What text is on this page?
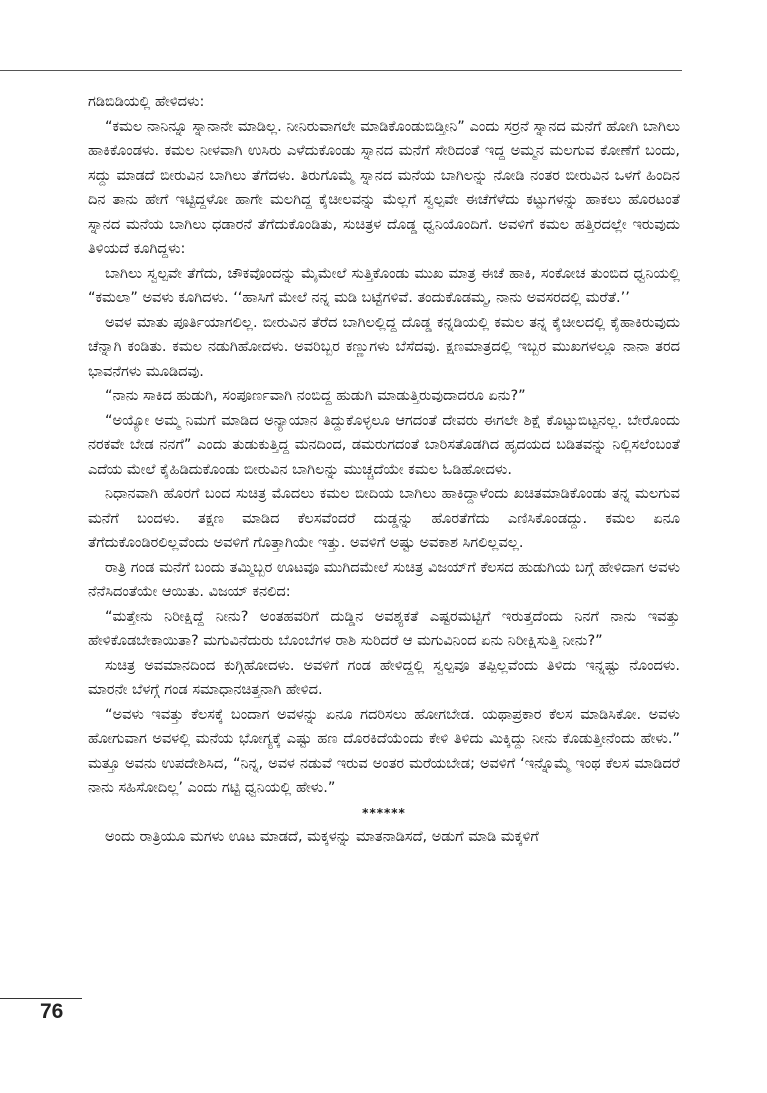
ಗಡಿಬಿಡಿಯಲ್ಲಿ ಹೇಳಿದಳು:

“ಕಮಲ ನಾನಿನ್ನೂ ಸ್ನಾನಾನೇ ಮಾಡಿಲ್ಲ. ನೀನಿರುವಾಗಲೇ ಮಾಡಿಕೊಂಡುಬಿಡ್ತೀನಿ” ಎಂದು ಸರ್ರನೆ ಸ್ನಾನದ ಮನೆಗೆ ಹೋಗಿ ಬಾಗಿಲು ಹಾಕಿಕೊಂಡಳು. ಕಮಲ ನೀಳವಾಗಿ ಉಸಿರು ಎಳೆದುಕೊಂಡು ಸ್ನಾನದ ಮನೆಗೆ ಸೇರಿದಂತೆ ಇದ್ದ ಅಮ್ಮನ ಮಲಗುವ ಕೋಣೆಗೆ ಬಂದು, ಸದ್ದು ಮಾಡದೆ ಬೀರುವಿನ ಬಾಗಿಲು ತೆಗೆದಳು. ತಿರುಗೊಮ್ಮೆ ಸ್ನಾನದ ಮನೆಯ ಬಾಗಿಲನ್ನು ನೋಡಿ ನಂತರ ಬೀರುವಿನ ಒಳಗೆ ಹಿಂದಿನ ದಿನ ತಾನು ಹೇಗೆ ಇಟ್ಟಿದ್ದಳೋ ಹಾಗೇ ಮಲಗಿದ್ದ ಕೈಚೀಲವನ್ನು ಮೆಲ್ಲಗೆ ಸ್ವಲ್ಪವೇ ಈಚೆಗೆಳೆದು ಕಟ್ಟುಗಳನ್ನು ಹಾಕಲು ಹೊರಟಂತೆ ಸ್ನಾನದ ಮನೆಯ ಬಾಗಿಲು ಧಡಾರನೆ ತೆಗೆದುಕೊಂಡಿತು, ಸುಚಿತ್ರಳ ದೊಡ್ಡ ಧ್ವನಿಯೊಂದಿಗೆ. ಅವಳಿಗೆ ಕಮಲ ಹತ್ತಿರದಲ್ಲೇ ಇರುವುದು ತಿಳಿಯದೆ ಕೂಗಿದ್ದಳು:

ಬಾಗಿಲು ಸ್ವಲ್ಪವೇ ತೆಗೆದು, ಚೌಕವೊಂದನ್ನು ಮೈಮೇಲೆ ಸುತ್ತಿಕೊಂಡು ಮುಖ ಮಾತ್ರ ಈಚೆ ಹಾಕಿ, ಸಂಕೋಚ ತುಂಬಿದ ಧ್ವನಿಯಲ್ಲಿ “ಕಮಲಾ” ಅವಳು ಕೂಗಿದಳು. ‘‘ಹಾಸಿಗೆ ಮೇಲೆ ನನ್ನ ಮಡಿ ಬಟ್ಟೆಗಳಿವೆ. ತಂದುಕೊಡಮ್ಮ, ನಾನು ಅವಸರದಲ್ಲಿ ಮರೆತೆ.’’

ಅವಳ ಮಾತು ಪೂರ್ತಿಯಾಗಲಿಲ್ಲ. ಬೀರುವಿನ ತೆರೆದ ಬಾಗಿಲಲ್ಲಿದ್ದ ದೊಡ್ಡ ಕನ್ನಡಿಯಲ್ಲಿ ಕಮಲ ತನ್ನ ಕೈಚೀಲದಲ್ಲಿ ಕೈಹಾಕಿರುವುದು ಚೆನ್ನಾಗಿ ಕಂಡಿತು. ಕಮಲ ನಡುಗಿಹೋದಳು. ಅವರಿಬ್ಬರ ಕಣ್ಣುಗಳು ಬೆಸೆದವು. ಕ್ಷಣಮಾತ್ರದಲ್ಲಿ ಇಬ್ಬರ ಮುಖಗಳಲ್ಲೂ ನಾನಾ ತರದ ಭಾವನೆಗಳು ಮೂಡಿದವು.

“ನಾನು ಸಾಕಿದ ಹುಡುಗಿ, ಸಂಪೂರ್ಣವಾಗಿ ನಂಬಿದ್ದ ಹುಡುಗಿ ಮಾಡುತ್ತಿರುವುದಾದರೂ ಏನು?”

“ಅಯ್ಯೋ ಅಮ್ಮ ನಿಮಗೆ ಮಾಡಿದ ಅನ್ಯಾಯಾನ ತಿದ್ದುಕೊಳ್ಳಲೂ ಆಗದಂತೆ ದೇವರು ಈಗಲೇ ಶಿಕ್ಷೆ ಕೊಟ್ಟುಬಿಟ್ಟನಲ್ಲ. ಬೇರೊಂದು ನರಕವೇ ಬೇಡ ನನಗೆ” ಎಂದು ತುಡುಕುತ್ತಿದ್ದ ಮನದಿಂದ, ಡಮರುಗದಂತೆ ಬಾರಿಸತೊಡಗಿದ ಹೃದಯದ ಬಡಿತವನ್ನು ನಿಲ್ಲಿಸಲೆಂಬಂತೆ ಎದೆಯ ಮೇಲೆ ಕೈಹಿಡಿದುಕೊಂಡು ಬೀರುವಿನ ಬಾಗಿಲನ್ನು ಮುಚ್ಚದೆಯೇ ಕಮಲ ಓಡಿಹೋದಳು.

ನಿಧಾನವಾಗಿ ಹೊರಗೆ ಬಂದ ಸುಚಿತ್ರ ಮೊದಲು ಕಮಲ ಬೀದಿಯ ಬಾಗಿಲು ಹಾಕಿದ್ದಾಳೆಂದು ಖಚಿತಮಾಡಿಕೊಂಡು ತನ್ನ ಮಲಗುವ ಮನೆಗೆ ಬಂದಳು. ತಕ್ಷಣ ಮಾಡಿದ ಕೆಲಸವೆಂದರೆ ದುಡ್ಡನ್ನು ಹೊರತೆಗೆದು ಎಣಿಸಿಕೊಂಡದ್ದು. ಕಮಲ ಏನೂ ತೆಗೆದುಕೊಂಡಿರಲಿಲ್ಲವೆಂದು ಅವಳಿಗೆ ಗೊತ್ತಾಗಿಯೇ ಇತ್ತು. ಅವಳಿಗೆ ಅಷ್ಟು ಅವಕಾಶ ಸಿಗಲಿಲ್ಲವಲ್ಲ.

ರಾತ್ರಿ ಗಂಡ ಮನೆಗೆ ಬಂದು ತಮ್ಮಿಬ್ಬರ ಊಟವೂ ಮುಗಿದಮೇಲೆ ಸುಚಿತ್ರ ವಿಜಯ್‌ಗೆ ಕೆಲಸದ ಹುಡುಗಿಯ ಬಗ್ಗೆ ಹೇಳಿದಾಗ ಅವಳು ನೆನೆಸಿದಂತೆಯೇ ಆಯಿತು. ವಿಜಯ್ ಕನಲಿದ:

“ಮತ್ತೇನು ನಿರೀಕ್ಷಿದ್ದೆ ನೀನು? ಅಂತಹವರಿಗೆ ದುಡ್ಡಿನ ಅವಶ್ಯಕತೆ ಎಷ್ಟರಮಟ್ಟಿಗೆ ಇರುತ್ತದೆಂದು ನಿನಗೆ ನಾನು ಇವತ್ತು ಹೇಳಿಕೊಡಬೇಕಾಯಿತಾ? ಮಗುವಿನೆದುರು ಬೊಂಬೆಗಳ ರಾಶಿ ಸುರಿದರೆ ಆ ಮಗುವಿನಿಂದ ಏನು ನಿರೀಕ್ಷಿಸುತ್ತಿ ನೀನು?”

ಸುಚಿತ್ರ ಅವಮಾನದಿಂದ ಕುಗ್ಗಿಹೋದಳು. ಅವಳಿಗೆ ಗಂಡ ಹೇಳಿದ್ದಲ್ಲಿ ಸ್ವಲ್ಪವೂ ತಪ್ಪಿಲ್ಲವೆಂದು ತಿಳಿದು ಇನ್ನಷ್ಟು ನೊಂದಳು. ಮಾರನೇ ಬೆಳಗ್ಗೆ ಗಂಡ ಸಮಾಧಾನಚಿತ್ತನಾಗಿ ಹೇಳಿದ.

“ಅವಳು ಇವತ್ತು ಕೆಲಸಕ್ಕೆ ಬಂದಾಗ ಅವಳನ್ನು ಏನೂ ಗದರಿಸಲು ಹೋಗಬೇಡ. ಯಥಾಪ್ರಕಾರ ಕೆಲಸ ಮಾಡಿಸಿಕೋ. ಅವಳು ಹೋಗುವಾಗ ಅವಳಲ್ಲಿ ಮನೆಯ ಭೋಗ್ಯಕ್ಕೆ ಎಷ್ಟು ಹಣ ದೊರಕಿದೆಯೆಂದು ಕೇಳಿ ತಿಳಿದು ಮಿಕ್ಕಿದ್ದು ನೀನು ಕೊಡುತ್ತೀನೆಂದು ಹೇಳು.” ಮತ್ತೂ ಅವನು ಉಪದೇಶಿಸಿದ, “ನಿನ್ನ, ಅವಳ ನಡುವೆ ಇರುವ ಅಂತರ ಮರೆಯಬೇಡ; ಅವಳಿಗೆ ‘ಇನ್ನೊಮ್ಮೆ ಇಂಥ ಕೆಲಸ ಮಾಡಿದರೆ ನಾನು ಸಹಿಸೋದಿಲ್ಲ’ ಎಂದು ಗಟ್ಟಿ ಧ್ವನಿಯಲ್ಲಿ ಹೇಳು.”

******

ಅಂದು ರಾತ್ರಿಯೂ ಮಗಳು ಊಟ ಮಾಡದೆ, ಮಕ್ಕಳನ್ನು ಮಾತನಾಡಿಸದೆ, ಅಡುಗೆ ಮಾಡಿ ಮಕ್ಕಳಿಗೆ

76
